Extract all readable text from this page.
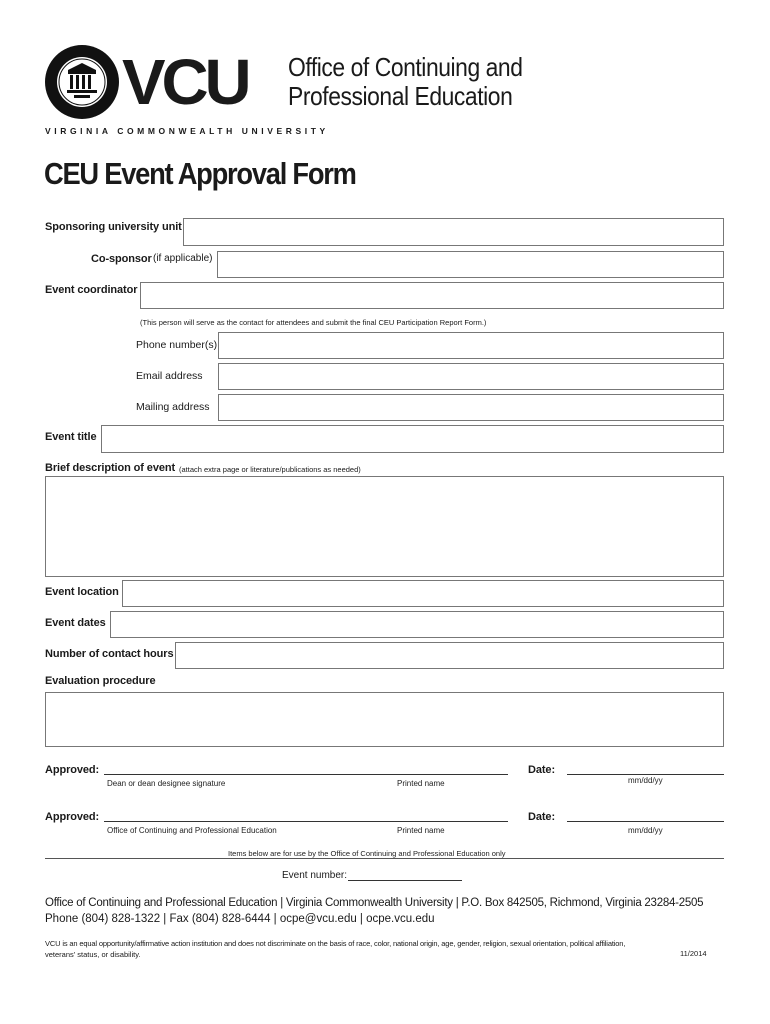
VCU Office of Continuing and
Professional Education
VIRGINIA COMMONWEALTH UNIVERSITY
CEU Event Approval Form
Sponsoring university unit
Co-sponsor (if applicable)
Event coordinator
(This person will serve as the contact for attendees and submit the final CEU Participation Report Form.)
Phone number(s)
Email address
Mailing address
Event title
Brief description of event (attach extra page or literature/publications as needed)
Event location
Event dates
Number of contact hours
Evaluation procedure
Approved:
Dean or dean designee signature	Printed name
Date:
mm/dd/yy
Approved:
Office of Continuing and Professional Education	Printed name
Date:
mm/dd/yy
Items below are for use by the Office of Continuing and Professional Education only
Event number:
Office of Continuing and Professional Education | Virginia Commonwealth University | P.O. Box 842505, Richmond, Virginia 23284-2505
Phone (804) 828-1322 | Fax (804) 828-6444 | ocpe@vcu.edu | ocpe.vcu.edu
VCU is an equal opportunity/affirmative action institution and does not discriminate on the basis of race, color, national origin, age, gender, religion, sexual orientation, political affiliation,
veterans' status, or disability.	11/2014
